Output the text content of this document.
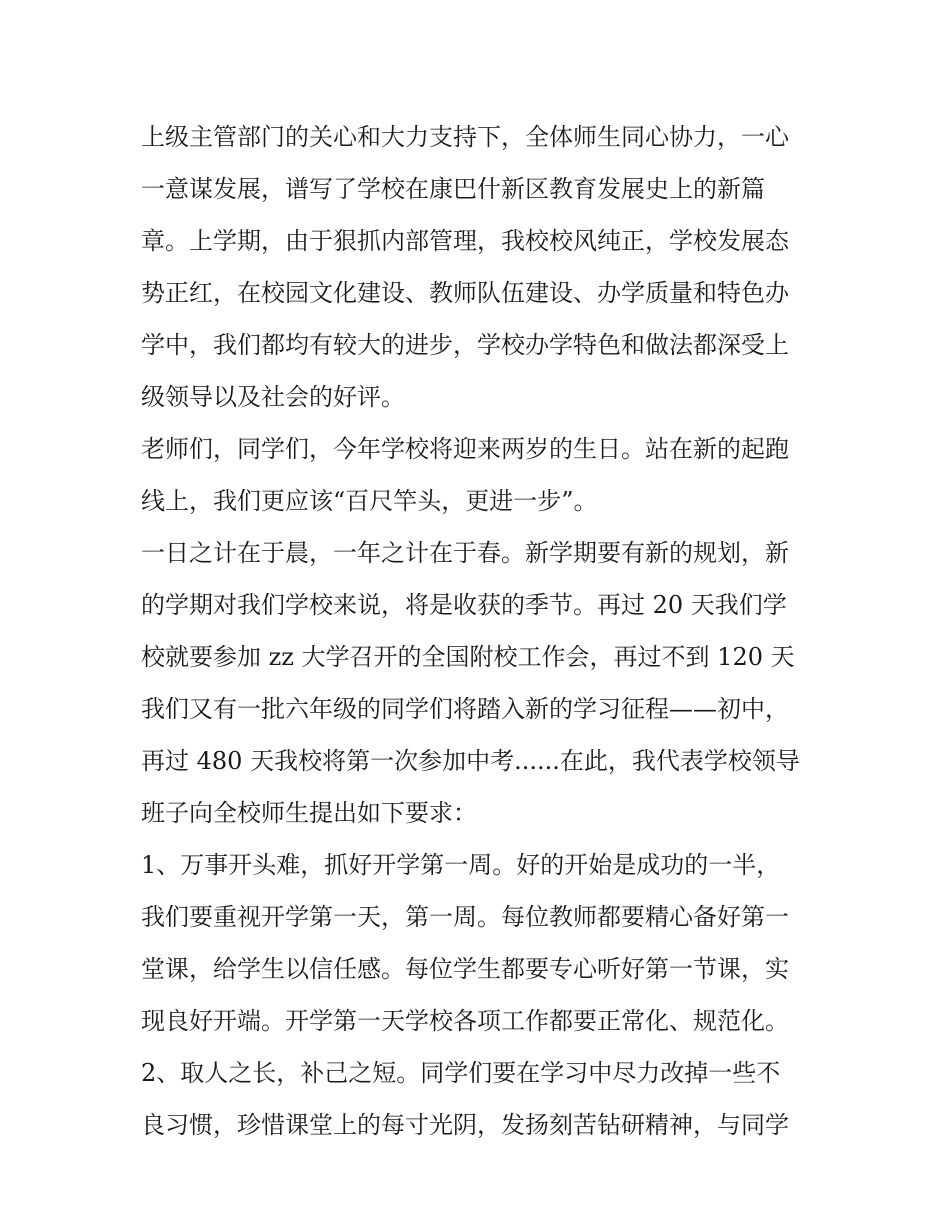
上级主管部门的关心和大力支持下，全体师生同心协力，一心
一意谋发展，谱写了学校在康巴什新区教育发展史上的新篇
章。上学期，由于狠抓内部管理，我校校风纯正，学校发展态
势正红，在校园文化建设、教师队伍建设、办学质量和特色办
学中，我们都均有较大的进步，学校办学特色和做法都深受上
级领导以及社会的好评。
老师们，同学们，今年学校将迎来两岁的生日。站在新的起跑
线上，我们更应该“百尺竿头，更进一步”。
一日之计在于晨，一年之计在于春。新学期要有新的规划，新
的学期对我们学校来说，将是收获的季节。再过 20 天我们学
校就要参加 zz 大学召开的全国附校工作会，再过不到 120 天
我们又有一批六年级的同学们将踏入新的学习征程——初中，
再过 480 天我校将第一次参加中考......在此，我代表学校领导
班子向全校师生提出如下要求：
1、万事开头难，抓好开学第一周。好的开始是成功的一半，
我们要重视开学第一天，第一周。每位教师都要精心备好第一
堂课，给学生以信任感。每位学生都要专心听好第一节课，实
现良好开端。开学第一天学校各项工作都要正常化、规范化。
2、取人之长，补己之短。同学们要在学习中尽力改掉一些不
良习惯，珍惜课堂上的每寸光阴，发扬刻苦钻研精神，与同学
